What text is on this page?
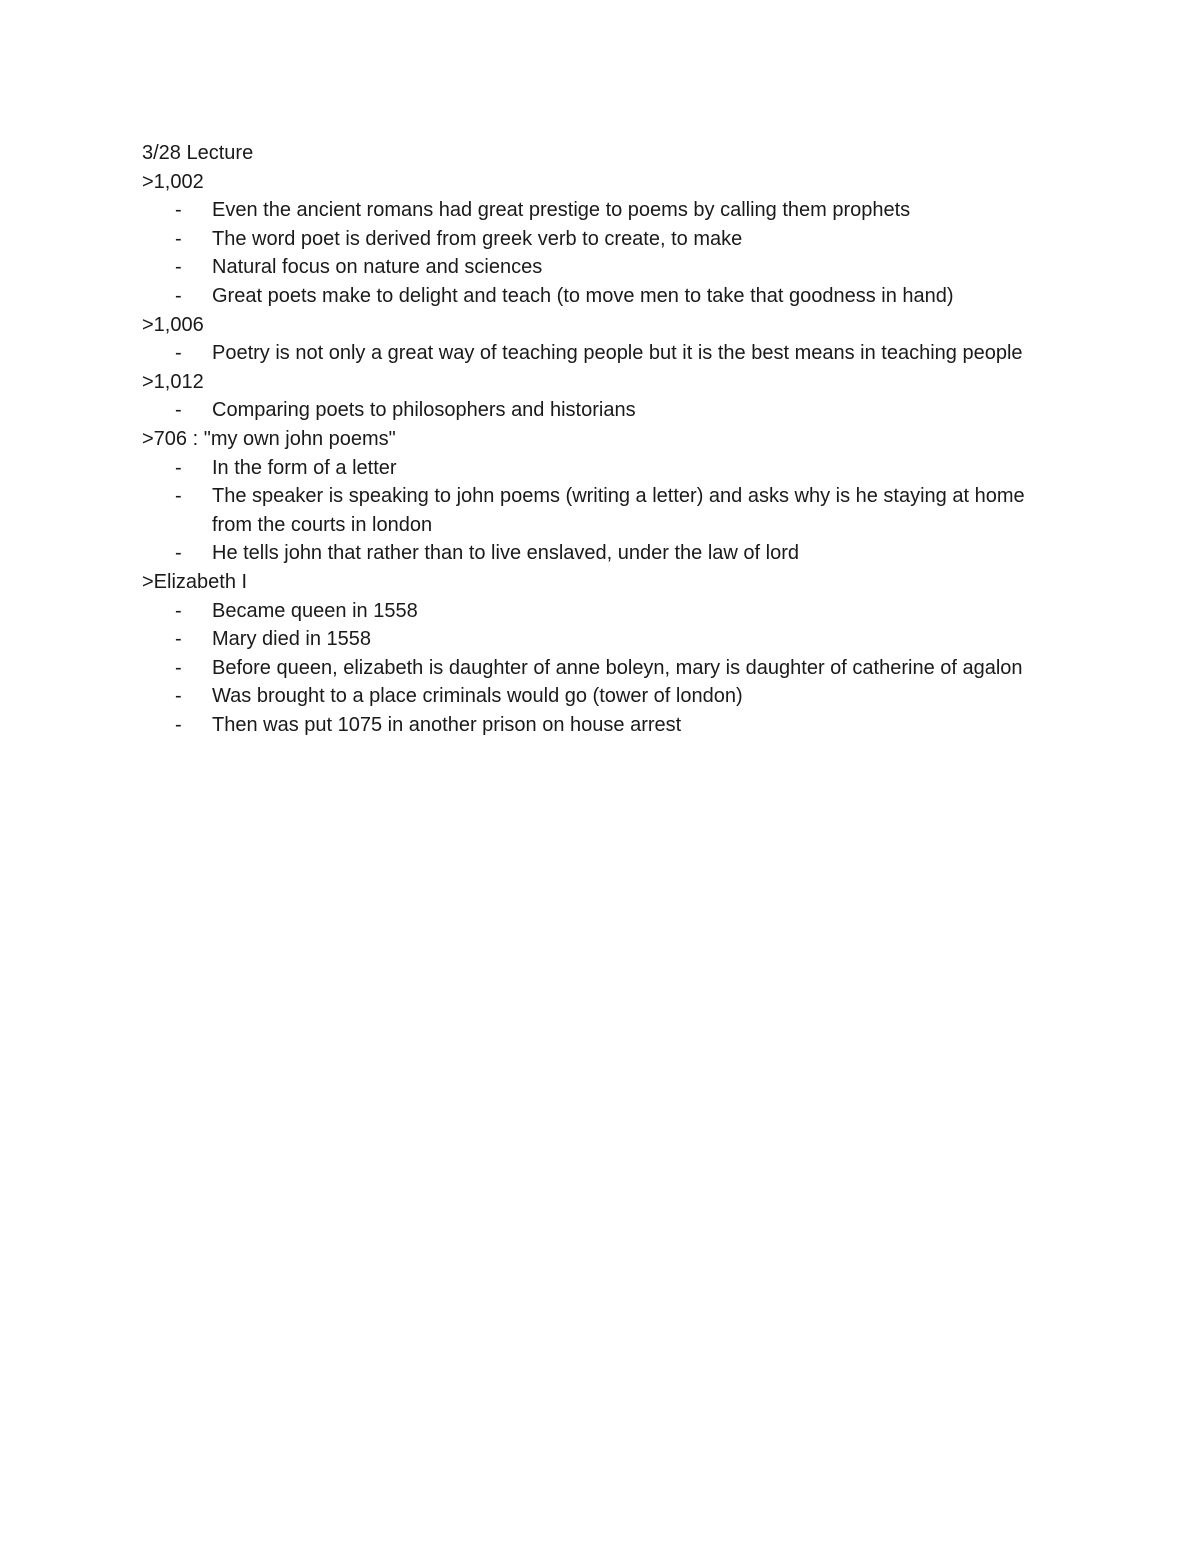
3/28 Lecture

>1,002

- Even the ancient romans had great prestige to poems by calling them prophets
- The word poet is derived from greek verb to create, to make
- Natural focus on nature and sciences
- Great poets make to delight and teach (to move men to take that goodness in hand)

>1,006

- Poetry is not only a great way of teaching people but it is the best means in teaching people

>1,012

- Comparing poets to philosophers and historians

>706 : "my own john poems"

- In the form of a letter
- The speaker is speaking to john poems (writing a letter) and asks why is he staying at home from the courts in london
- He tells john that rather than to live enslaved, under the law of lord

>Elizabeth I

- Became queen in 1558
- Mary died in 1558
- Before queen, elizabeth is daughter of anne boleyn, mary is daughter of catherine of agalon
- Was brought to a place criminals would go (tower of london)
- Then was put 1075 in another prison on house arrest
